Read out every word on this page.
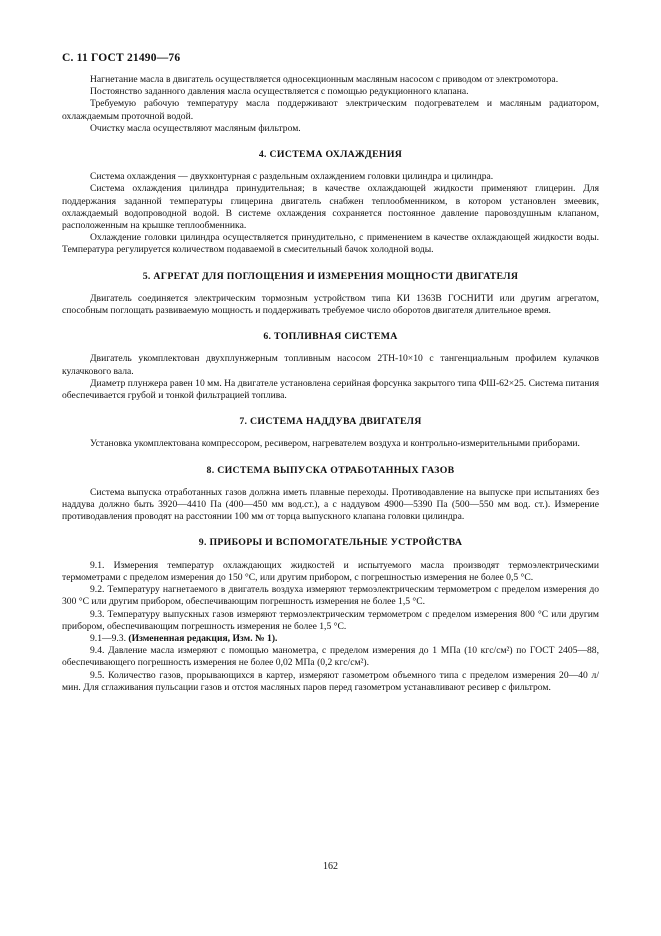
С. 11 ГОСТ 21490—76

Нагнетание масла в двигатель осуществляется односекционным масляным насосом с приводом от электромотора.

Постоянство заданного давления масла осуществляется с помощью редукционного клапана.

Требуемую рабочую температуру масла поддерживают электрическим подогревателем и масляным радиатором, охлаждаемым проточной водой.

Очистку масла осуществляют масляным фильтром.

4. СИСТЕМА ОХЛАЖДЕНИЯ

Система охлаждения — двухконтурная с раздельным охлаждением головки цилиндра и цилиндра.

Система охлаждения цилиндра принудительная; в качестве охлаждающей жидкости применяют глицерин. Для поддержания заданной температуры глицерина двигатель снабжен теплообменником, в котором установлен змеевик, охлаждаемый водопроводной водой. В системе охлаждения сохраняется постоянное давление паровоздушным клапаном, расположенным на крышке теплообменника.

Охлаждение головки цилиндра осуществляется принудительно, с применением в качестве охлаждающей жидкости воды. Температура регулируется количеством подаваемой в смесительный бачок холодной воды.

5. АГРЕГАТ ДЛЯ ПОГЛОЩЕНИЯ И ИЗМЕРЕНИЯ МОЩНОСТИ ДВИГАТЕЛЯ

Двигатель соединяется электрическим тормозным устройством типа КИ 1363В ГОСНИТИ или другим агрегатом, способным поглощать развиваемую мощность и поддерживать требуемое число оборотов двигателя длительное время.

6. ТОПЛИВНАЯ СИСТЕМА

Двигатель укомплектован двухплунжерным топливным насосом 2ТН-10×10 с тангенциальным профилем кулачков кулачкового вала.

Диаметр плунжера равен 10 мм. На двигателе установлена серийная форсунка закрытого типа ФШ-62×25. Система питания обеспечивается грубой и тонкой фильтрацией топлива.

7. СИСТЕМА НАДДУВА ДВИГАТЕЛЯ

Установка укомплектована компрессором, ресивером, нагревателем воздуха и контрольно-измерительными приборами.

8. СИСТЕМА ВЫПУСКА ОТРАБОТАННЫХ ГАЗОВ

Система выпуска отработанных газов должна иметь плавные переходы. Противодавление на выпуске при испытаниях без наддува должно быть 3920—4410 Па (400—450 мм вод.ст.), а с наддувом 4900—5390 Па (500—550 мм вод. ст.). Измерение противодавления проводят на расстоянии 100 мм от торца выпускного клапана головки цилиндра.

9. ПРИБОРЫ И ВСПОМОГАТЕЛЬНЫЕ УСТРОЙСТВА

9.1. Измерения температур охлаждающих жидкостей и испытуемого масла производят термоэлектрическими термометрами с пределом измерения до 150 °С, или другим прибором, с погрешностью измерения не более 0,5 °С.

9.2. Температуру нагнетаемого в двигатель воздуха измеряют термоэлектрическим термометром с пределом измерения до 300 °С или другим прибором, обеспечивающим погрешность измерения не более 1,5 °С.

9.3. Температуру выпускных газов измеряют термоэлектрическим термометром с пределом измерения 800 °С или другим прибором, обеспечивающим погрешность измерения не более 1,5 °С.

9.1—9.3. (Измененная редакция, Изм. № 1).

9.4. Давление масла измеряют с помощью манометра, с пределом измерения до 1 МПа (10 кгс/см²) по ГОСТ 2405—88, обеспечивающего погрешность измерения не более 0,02 МПа (0,2 кгс/см²).

9.5. Количество газов, прорывающихся в картер, измеряют газометром объемного типа с пределом измерения 20—40 л/мин. Для сглаживания пульсации газов и отстоя масляных паров перед газометром устанавливают ресивер с фильтром.

162
